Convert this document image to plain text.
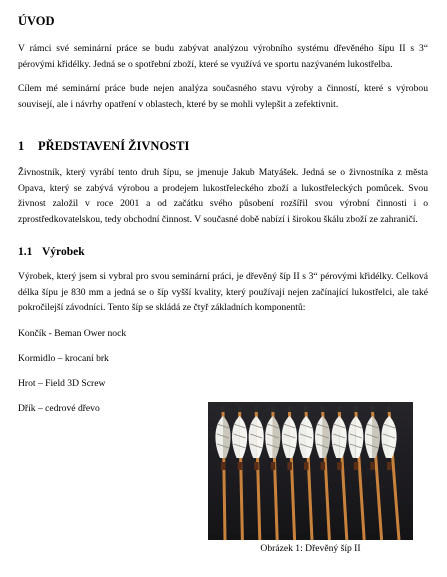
ÚVOD

V rámci své seminární práce se budu zabývat analýzou výrobního systému dřevěného šípu II s 3“ pérovými křidélky. Jedná se o spotřební zboží, které se využívá ve sportu nazývaném lukostřelba.

Cílem mé seminární práce bude nejen analýza současného stavu výroby a činností, které s výrobou souvisejí, ale i návrhy opatření v oblastech, které by se mohli vylepšit a zefektivnit.

1 PŘEDSTAVENÍ ŽIVNOSTI

Živnostník, který vyrábí tento druh šípu, se jmenuje Jakub Matyášek. Jedná se o živnostníka z města Opava, který se zabývá výrobou a prodejem lukostřeleckého zboží a lukostřeleckých pomůcek. Svou živnost založil v roce 2001 a od začátku svého působení rozšířil svou výrobní činnosti i o zprostředkovatelskou, tedy obchodní činnost. V současné době nabízí i širokou škálu zboží ze zahraničí.

1.1 Výrobek

Výrobek, který jsem si vybral pro svou seminární práci, je dřevěný šíp II s 3“ pérovými křidélky. Celková délka šípu je 830 mm a jedná se o šíp vyšší kvality, který používají nejen začínající lukostřelci, ale také pokročilejší závodníci. Tento šíp se skládá ze čtyř základních komponentů:

Končík - Beman Ower nock

Kormidlo – krocaní brk

Hrot – Field 3D Screw

Dřík – cedrové dřevo

Obrázek 1: Dřevěný šíp II
